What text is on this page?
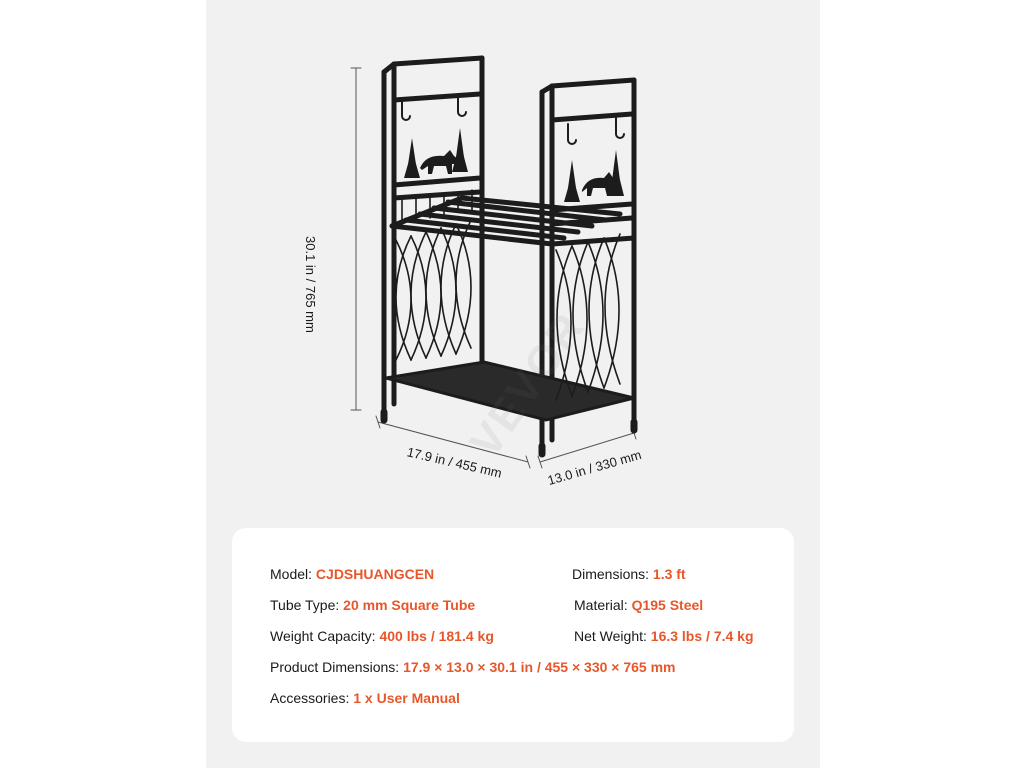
VEVOR
30.1 in / 765 mm
17.9 in / 455 mm	13.0 in / 330 mm
Model: CJDSHUANGCEN	Dimensions: 1.3 ft
Tube Type: 20 mm Square Tube	Material: Q195 Steel
Weight Capacity: 400 lbs / 181.4 kg	Net Weight: 16.3 lbs / 7.4 kg
Product Dimensions: 17.9 × 13.0 × 30.1 in / 455 × 330 × 765 mm
Accessories: 1 x User Manual
